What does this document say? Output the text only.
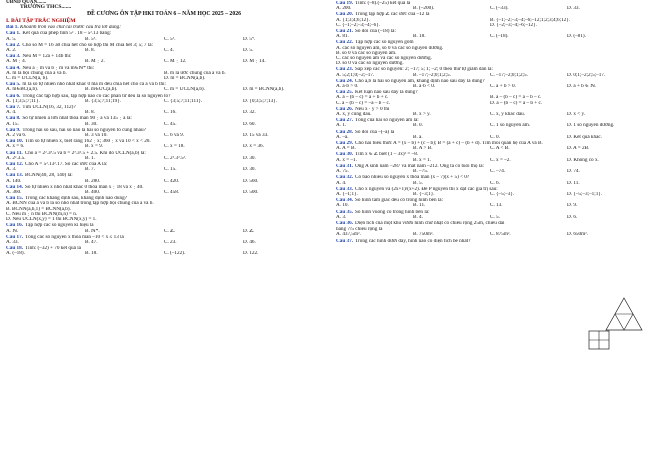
UBND QUẬN.......
TRƯỜNG THCS.......
ĐỀ CƯƠNG ÔN TẬP HKI TOÁN 6 – NĂM HỌC 2025 – 2026
I. BÀI TẬP TRẮC NGHIỆM
Bài 1. Khoanh tròn vào chữ cái trước câu trả lời đúng:
Câu 1. Kết quả của phép tính 5² . 18 – 5².13 bằng:
A. 5.	B. 5³.	C. 5².	D. 5⁴.
Câu 2. Cho số M = 16‾a0 chia hết cho số hợp thì M chia hết 3; 5; 7 là:
A. 2.	B. 8.	C. 4.	D. 5.
Câu 3. Nếu M = 12a + 14b thì:
A. M⋮4.	B. M⋮2.	C. M⋮12.	D. M⋮14.
Câu 4. Nếu a⋮m và b⋮m và m∈ℕ* thì:
A. m là bội chung của a và b.	B. m là ước chung của a và b.
C. m = ƯCLN(a, b).	D. m = BCNN(a,b).
Câu 5. m là số tự nhiên nhỏ nhất khác 0 mà m đều chia hết cho cả a và b thì:
A. m∈BC(a,b).	B. m∈ƯC(a,b).	C. m = ƯCLN(a,b).	D. m = BCNN(a,b).
Câu 6. Trong các tập hợp sau, tập hợp nào có các phần tử đều là số nguyên tố?
A. {1;3;5;7;11}.	B. {3;5;7;11;19}.	C. {3;5;7;11;111}.	D. {0;3;5;7;13}.
Câu 7. Tìm ƯCLN(16, 32, 112)?
A. 4.	B. 8.	C. 16.	D. 32.
Câu 8. Số tự nhiên a lớn nhất thỏa mãn 90⋮a và 135⋮a là:
A. 15.	B. 30.	C. 45.	D. 60.
Câu 9. Trong hai số sau, hai số nào là hai số nguyên tố cùng nhau?
A. 2 và 6.	B. 3 và 10.	C. 6 và 9.	D. 15 và 33.
Câu 10. Tìm số tự nhiên x, biết rằng 162⋮x; 360⋮x và 10 < x < 20.
A. x = 6.	B. x = 9.	C. x = 18.	D. x = 36.
Câu 11. Cho a = 2².3³.5 và b = 2³.3².5 + 2.5. Khi đó ƯCLN(a,b) là:
A. 2².3.5.	B. 1.	C. 2².3².5².	D. 30.
Câu 12. Cho A = 5².13².17. Số các ước của A là:
A. 3.	B. 7.	C. 15.	D. 30.
Câu 13. BCNN(40, 28, 140) là:
A. 140.	B. 280.	C. 420.	D. 560.
Câu 14. Số tự nhiên x nhỏ nhất khác 0 thỏa mãn x⋮18 và x⋮40.
A. 360.	B. 400.	C. 458.	D. 500.
Câu 15. Trong các khẳng định sau, khẳng định nào đúng?
A. BCNN của a và b là số nhỏ nhất trong tập hợp bội chung của a và b.
B. BCNN(a,b,1) = BCNN(a,b).
C. Nếu m⋮n thì BCNN(m,n) = n.
D. Nếu ƯCLN(x,y) = 1 thì BCNN(x,y) = 1.
Câu 16. Tập hợp các số nguyên kí hiệu là
A. ℕ.	B. ℕ*.	C. ℤ.	D. ℤ.
Câu 17. Tổng các số nguyên x thỏa mãn –10 < x ≤ 13 là
A. 33.	B. 47.	C. 23.	D. 46.
Câu 18. Tính: (–32) + 70 kết quả là
A. (–18).	B. 18.	C. (–122).	D. 122.
Câu 19. Tính: (–8).(–25) kết quả là
A. 200.	B. (–200).	C. (–33).	D. 33.
Câu 20. Trong tập hợp ℤ các ước của –12 là
A. {1;3;4;6;12}.	B. {–1;–2;–3;–4;–6;–12;1;2;3;4;6;12}.
C. {–1;–2;–3;–4;–6}.	D. {–2;–3;–4;–6;–12}.
Câu 21. Số đối của (–18) là:
A. 81.	B. 18.	C. (–18).	D. (–81).
Câu 22. Tập hợp các số nguyên gồm
A. các số nguyên âm, số 0 và các số nguyên dương.
B. số 0 và các số nguyên âm.
C. các số nguyên âm và các số nguyên dương.
D. số 0 và các số nguyên dương.
Câu 23. Sắp xếp các số nguyên: 2; –17; 5; 1; –2; 0 theo thứ tự giảm dần là:
A. 5;2;1;0;–2;–17.	B. –17;–2;0;1;2;5.	C. –17;–2;0;1;2;5.	D. 0;1;–2;2;5;–17.
Câu 24. Cho a,b là hai số nguyên âm, khẳng định nào sau đây là đúng?
A. a·b > 0.	B. a·b < 0.	C. a + b > 0.	D. a + b ∈ ℕ.
Câu 25. Kết luận nào sau đây là đúng?
A. a – (b – c) = a + b + c.	B. a – (b – c) = a – b – c.
C. a – (b – c) = –a – b – c.	D. a – (b – c) = a – b + c.
Câu 26. Nếu x · y > 0 thì
A. x, y cùng dấu.	B. x > y.	C. x, y khác dấu.	D. x < y.
Câu 27. Tổng của hai số nguyên âm là:
A. 1.	B. 0.	C. 1 số nguyên âm.	D. 1 số nguyên dương.
Câu 28. Số đối của –(–a) là
A. –a.	B. a.	C. 0.	D. Kết quả khác.
Câu 29. Cho hai biểu thức A = (x – b) + (c – b); B = (a + c) – (b + d). Tìm mối quan hệ của A và B.
A. A = B.	B. A > B.	C. A < B.	D. A = 2B.
Câu 30. Tìm x ∈ ℤ biết (1 – 3x)² = –8.
A. x = –1.	B. x = 1.	C. x = –2.	D. Không có x.
Câu 31. Ông A sinh năm –287 và mất năm –212. Ông ta có tuổi thọ là:
A. 75.	B. –75.	C. –74.	D. 74.
Câu 32. Có bao nhiêu số nguyên x thỏa mãn (x – 7)(x + 5) < 0?
A. 4.	B. 5.	C. 6.	D. 11.
Câu 33. Cho x nguyên và (2x+1)/(x+2). Để P nguyên thì x đạt các giá trị sau:
A. {–1;1}.	B. {–3;1}.	C. {–5;–3}.	D. {–5;–3;–1;1}.
Câu 34. Số hình tam giác đều có trong hình bên là:
A. 10.	B. 11.	C. 13.	D. 9.
Câu 35. Số hình vuông có trong hình bên là:
A. 3.	B. 4.	C. 5.	D. 6.
Câu 36. Diện tích của một khu vườn hình chữ nhật có chiều rộng 25m, chiều dài
bằng 7/5 chiều rộng là
A. 437,5m².	B. 750m².	C. 875m².	D. 650m².
Câu 37. Trong các hình dưới đây, hình nào có diện tích bé nhất?
